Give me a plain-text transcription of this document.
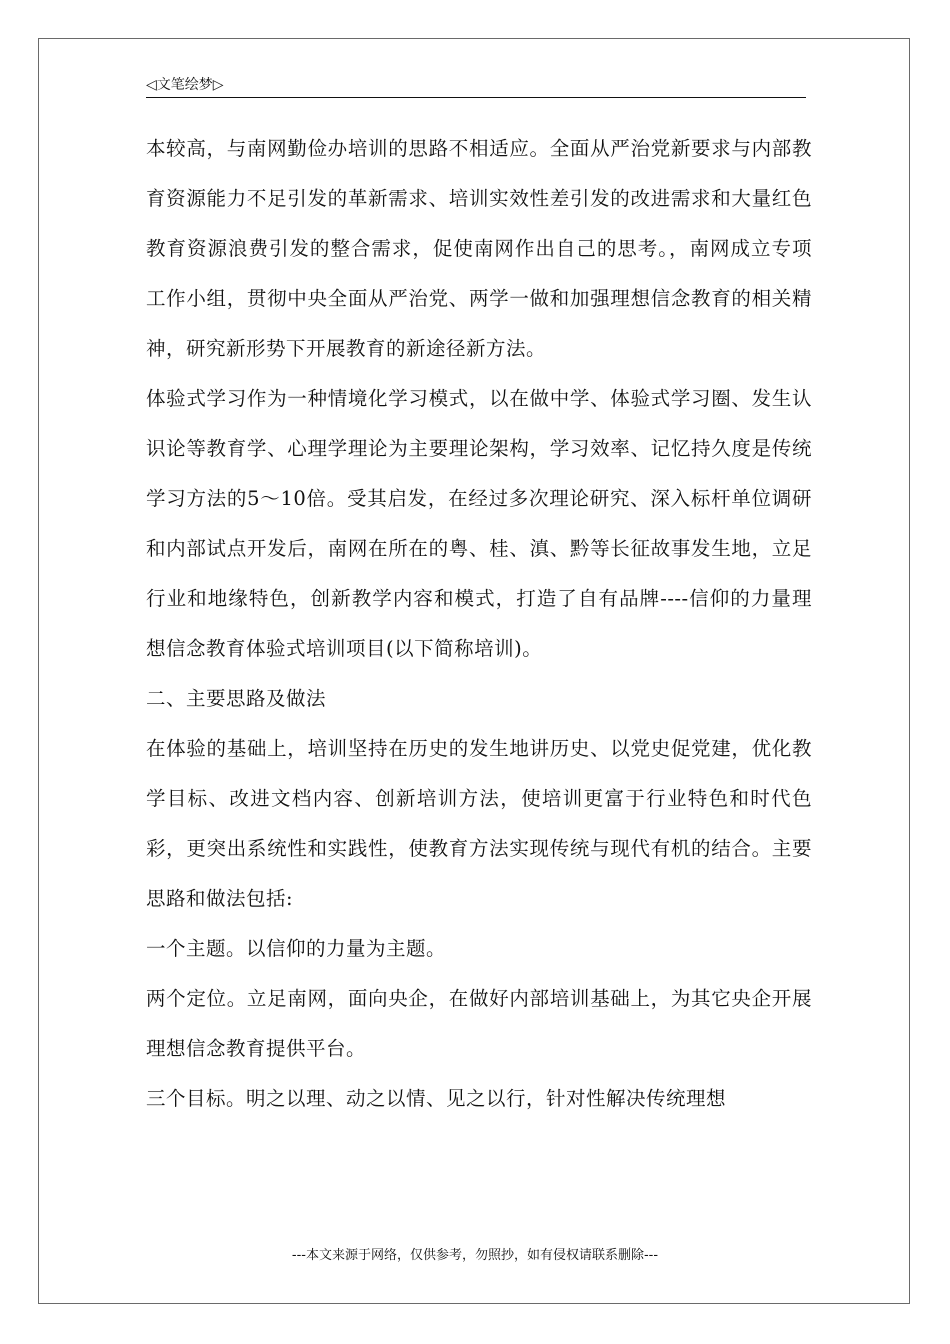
◁文笔绘梦▷

本较高，与南网勤俭办培训的思路不相适应。全面从严治党新要求与内部教育资源能力不足引发的革新需求、培训实效性差引发的改进需求和大量红色教育资源浪费引发的整合需求，促使南网作出自己的思考。，南网成立专项工作小组，贯彻中央全面从严治党、两学一做和加强理想信念教育的相关精神，研究新形势下开展教育的新途径新方法。

体验式学习作为一种情境化学习模式，以在做中学、体验式学习圈、发生认识论等教育学、心理学理论为主要理论架构，学习效率、记忆持久度是传统学习方法的5～10倍。受其启发，在经过多次理论研究、深入标杆单位调研和内部试点开发后，南网在所在的粤、桂、滇、黔等长征故事发生地，立足行业和地缘特色，创新教学内容和模式，打造了自有品牌----信仰的力量理想信念教育体验式培训项目(以下简称培训)。

二、主要思路及做法

在体验的基础上，培训坚持在历史的发生地讲历史、以党史促党建，优化教学目标、改进文档内容、创新培训方法，使培训更富于行业特色和时代色彩，更突出系统性和实践性，使教育方法实现传统与现代有机的结合。主要思路和做法包括:

一个主题。以信仰的力量为主题。

两个定位。立足南网，面向央企，在做好内部培训基础上，为其它央企开展理想信念教育提供平台。

三个目标。明之以理、动之以情、见之以行，针对性解决传统理想

---本文来源于网络，仅供参考，勿照抄，如有侵权请联系删除---
